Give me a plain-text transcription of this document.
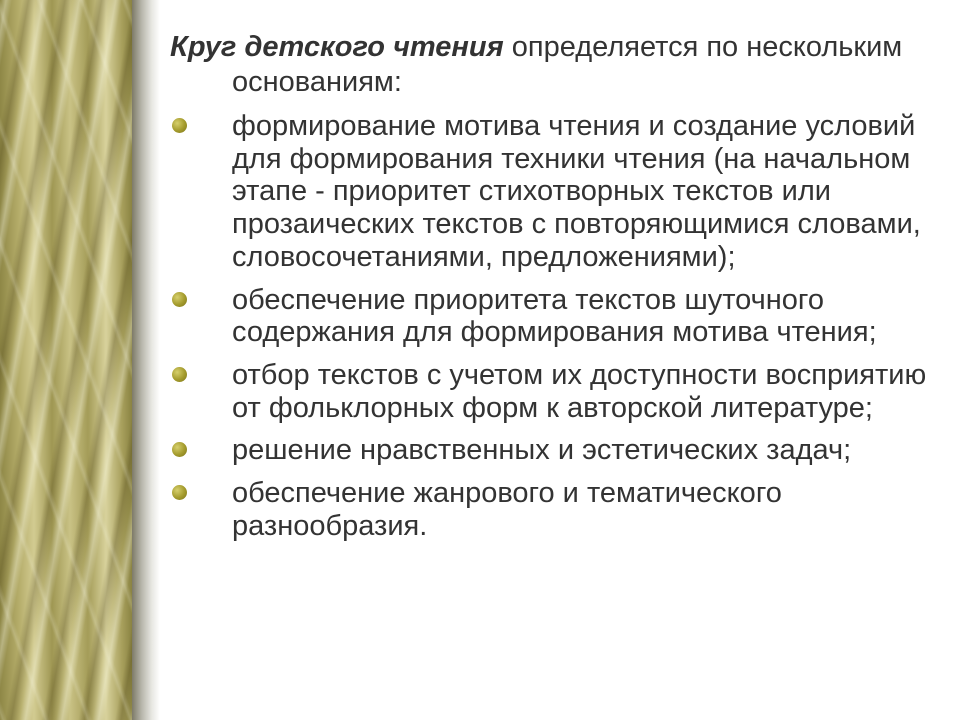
Круг детского чтения определяется по нескольким основаниям:

формирование мотива чтения и создание условий для формирования техники чтения (на начальном этапе - приоритет стихотворных текстов или прозаических текстов с повторяющимися словами, словосочетаниями, предложениями);
обеспечение приоритета текстов шуточного содержания для формирования мотива чтения;
отбор текстов с учетом их доступности восприятию от фольклорных форм к авторской литературе;
решение нравственных и эстетических задач;
обеспечение жанрового и тематического разнообразия.
